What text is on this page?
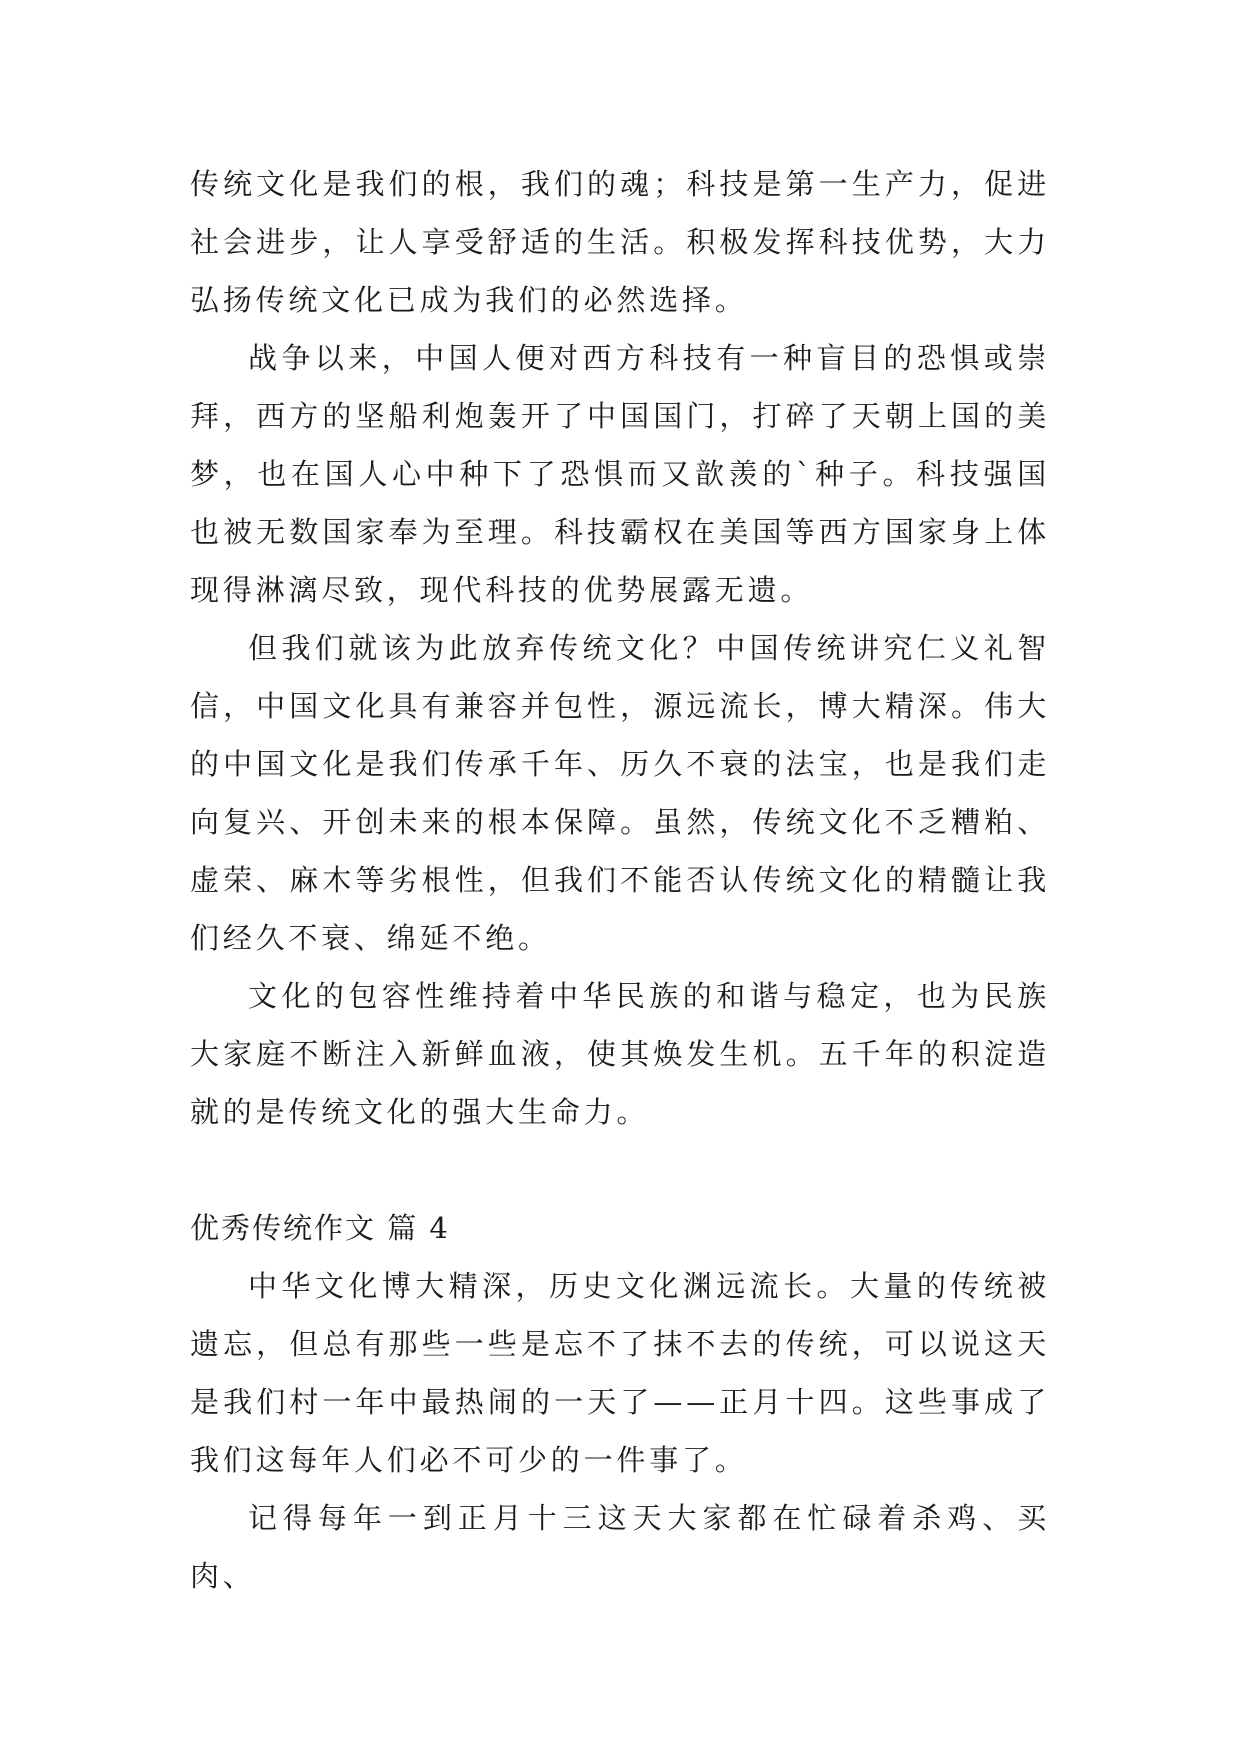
传统文化是我们的根，我们的魂；科技是第一生产力，促进社会进步，让人享受舒适的生活。积极发挥科技优势，大力弘扬传统文化已成为我们的必然选择。

战争以来，中国人便对西方科技有一种盲目的恐惧或崇拜，西方的坚船利炮轰开了中国国门，打碎了天朝上国的美梦，也在国人心中种下了恐惧而又歆羡的`种子。科技强国也被无数国家奉为至理。科技霸权在美国等西方国家身上体现得淋漓尽致，现代科技的优势展露无遗。

但我们就该为此放弃传统文化？中国传统讲究仁义礼智信，中国文化具有兼容并包性，源远流长，博大精深。伟大的中国文化是我们传承千年、历久不衰的法宝，也是我们走向复兴、开创未来的根本保障。虽然，传统文化不乏糟粕、虚荣、麻木等劣根性，但我们不能否认传统文化的精髓让我们经久不衰、绵延不绝。

文化的包容性维持着中华民族的和谐与稳定，也为民族大家庭不断注入新鲜血液，使其焕发生机。五千年的积淀造就的是传统文化的强大生命力。

优秀传统作文 篇 4

中华文化博大精深，历史文化渊远流长。大量的传统被遗忘，但总有那些一些是忘不了抹不去的传统，可以说这天是我们村一年中最热闹的一天了——正月十四。这些事成了我们这每年人们必不可少的一件事了。

记得每年一到正月十三这天大家都在忙碌着杀鸡、买肉、
